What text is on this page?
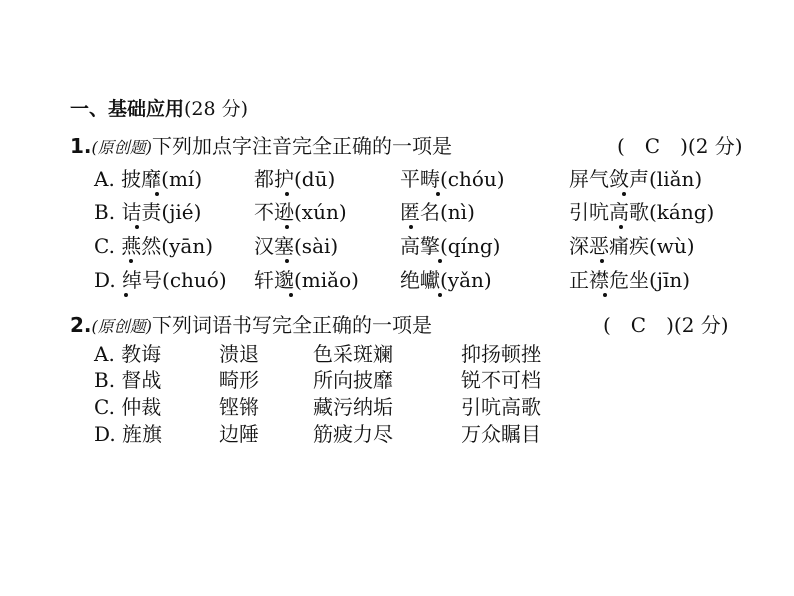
一、基础应用(28 分)
1.(原创题)下列加点字注音完全正确的一项是	(　C　)(2 分)
A. 披靡(mí)	都护(dū)	平畴(chóu)	屏气敛声(liǎn)
B. 诘责(jié)	不逊(xún)	匿名(nì)	引吭高歌(káng)
C. 燕然(yān) 汉塞(sài)	高擎(qíng)	深恶痛疾(wù)
D. 绰号(chuó) 轩邈(miǎo) 绝巘(yǎn)	正襟危坐(jīn)
2.(原创题)下列词语书写完全正确的一项是	(　C　)(2 分)
A. 教诲	溃退	色采斑斓	抑扬顿挫
B. 督战	畸形	所向披靡	锐不可档
C. 仲裁	铿锵	藏污纳垢	引吭高歌
D. 旌旗	边陲	筋疲力尽	万众瞩目
